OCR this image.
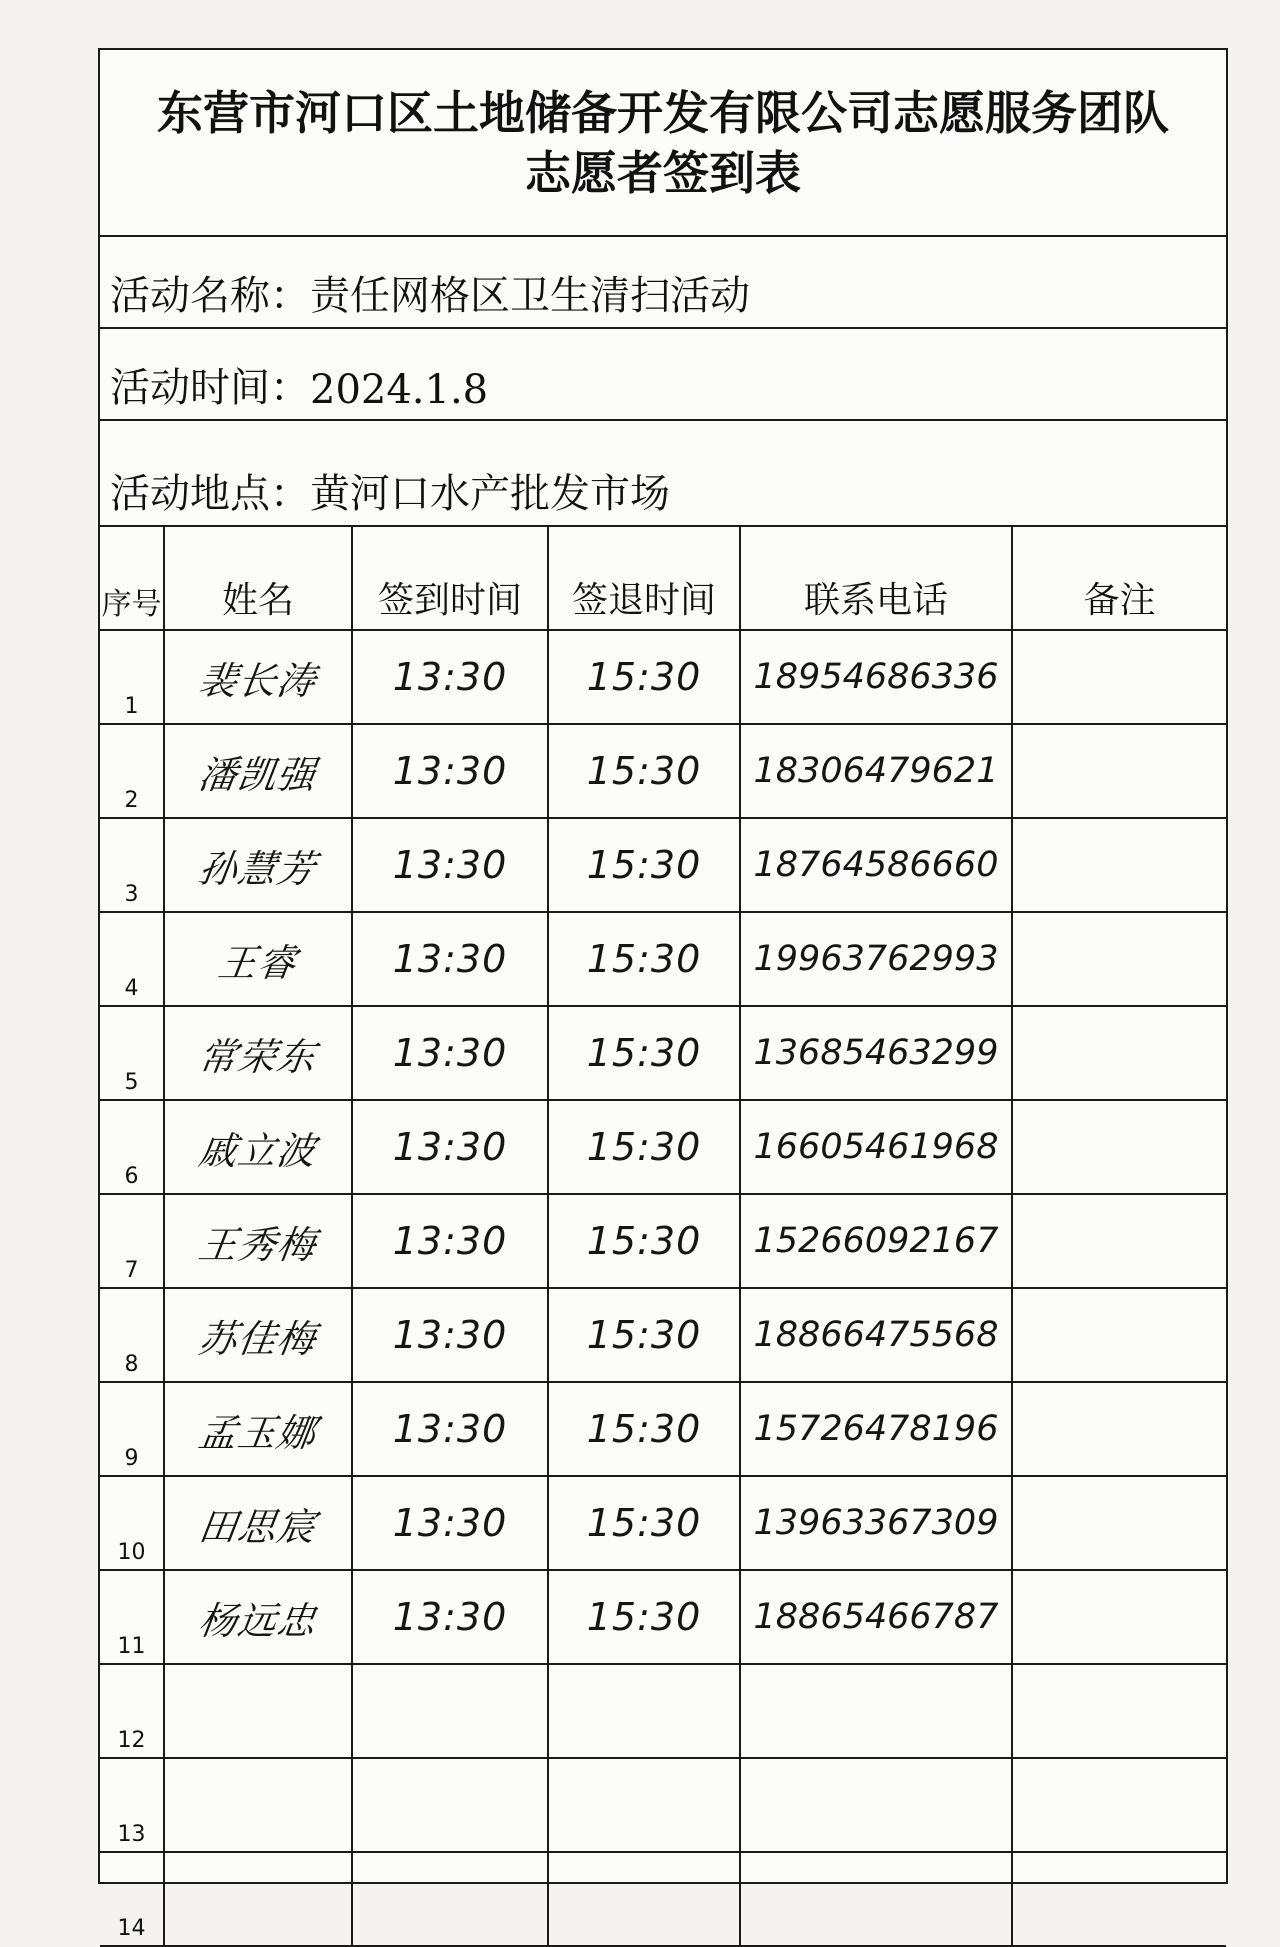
东营市河口区土地储备开发有限公司志愿服务团队
志愿者签到表
活动名称： 责任网格区卫生清扫活动
活动时间： 2024.1.8
活动地点： 黄河口水产批发市场
序号	姓名	签到时间	签退时间	联系电话	备注
1	裴长涛	13:30	15:30	18954686336	

2	潘凯强	13:30	15:30	18306479621	

3	孙慧芳	13:30	15:30	18764586660	

4	王睿	13:30	15:30	19963762993	

5	常荣东	13:30	15:30	13685463299	

6	戚立波	13:30	15:30	16605461968	

7	王秀梅	13:30	15:30	15266092167	

8	苏佳梅	13:30	15:30	18866475568	

9	孟玉娜	13:30	15:30	15726478196	

10	田思宸	13:30	15:30	13963367309	

11	杨远忠	13:30	15:30	18865466787	

12	

13	

14	
